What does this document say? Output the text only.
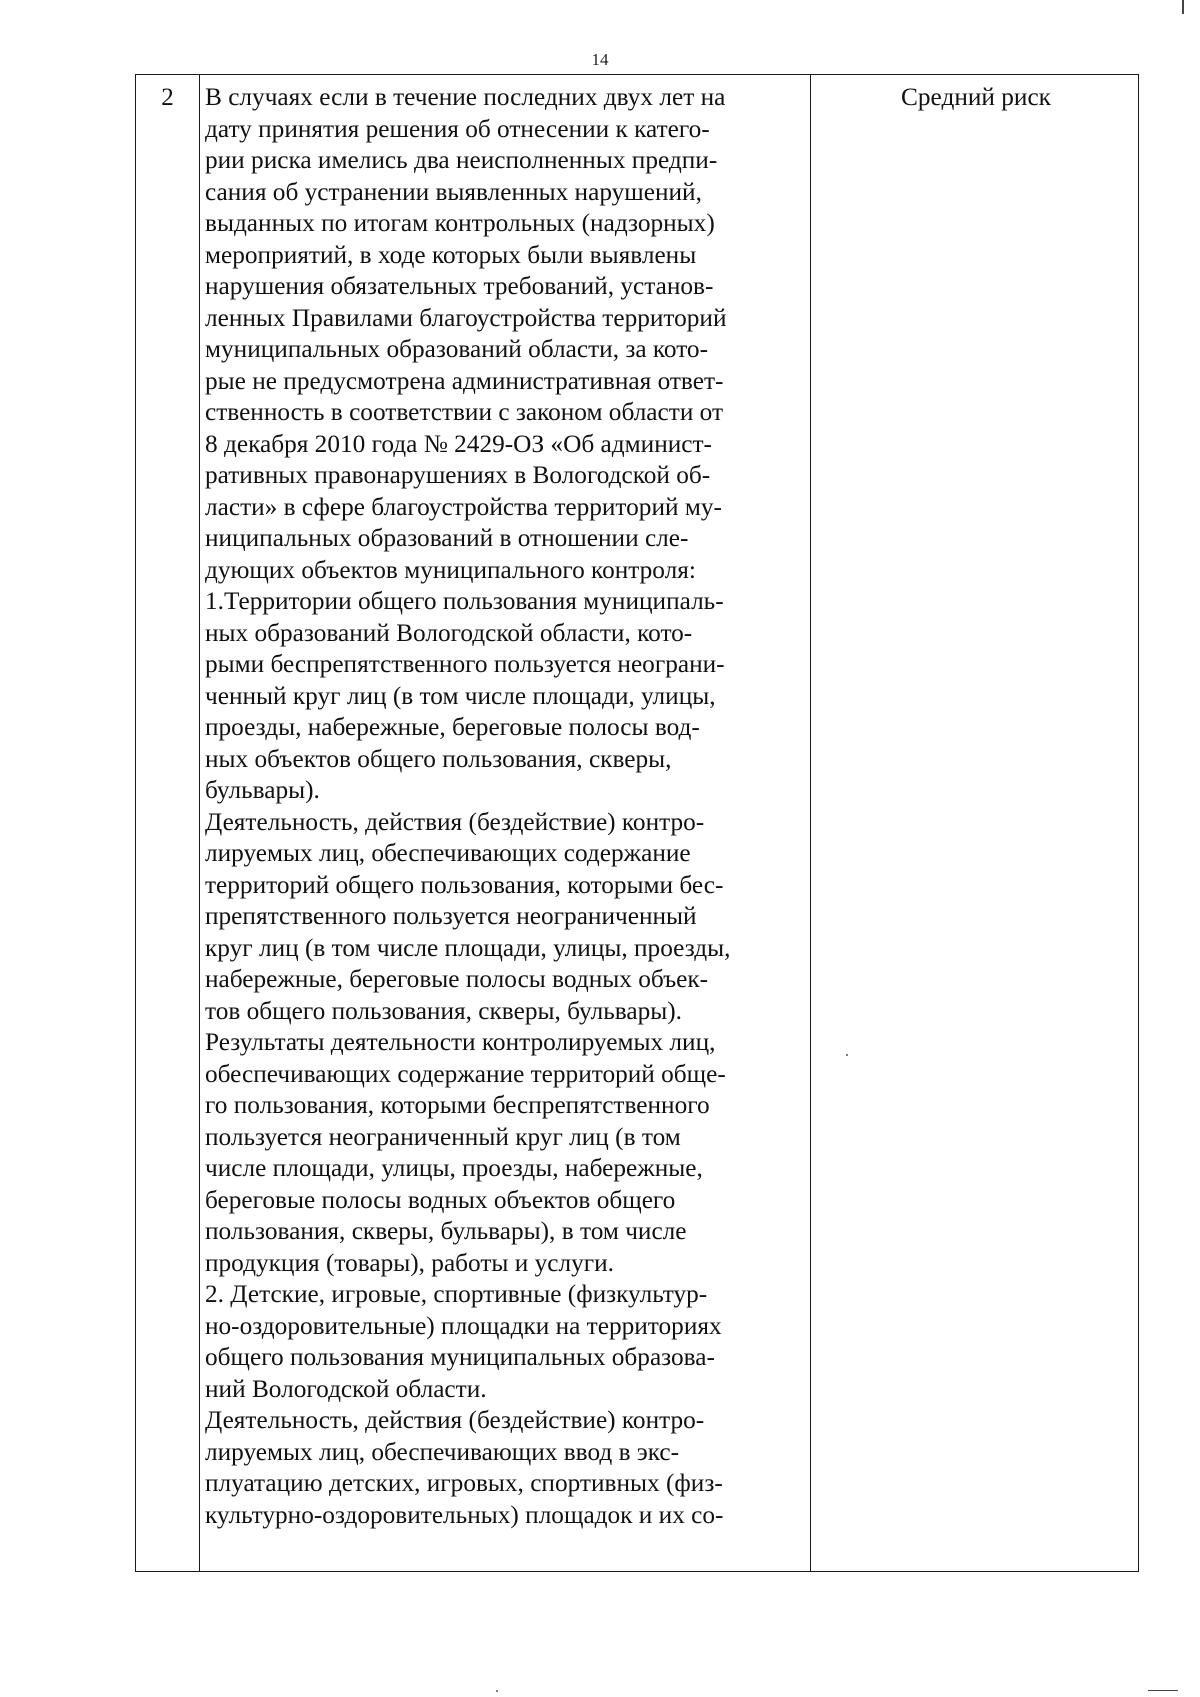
14
2	В случаях если в течение последних двух лет на
дату принятия решения об отнесении к катего-
рии риска имелись два неисполненных предпи-
сания об устранении выявленных нарушений,
выданных по итогам контрольных (надзорных)
мероприятий, в ходе которых были выявлены
нарушения обязательных требований, установ-
ленных Правилами благоустройства территорий
муниципальных образований области, за кото-
рые не предусмотрена административная ответ-
ственность в соответствии с законом области от
8 декабря 2010 года № 2429-ОЗ «Об админист-
ративных правонарушениях в Вологодской об-
ласти» в сфере благоустройства территорий му-
ниципальных образований в отношении сле-
дующих объектов муниципального контроля:
1.Территории общего пользования муниципаль-
ных образований Вологодской области, кото-
рыми беспрепятственного пользуется неограни-
ченный круг лиц (в том числе площади, улицы,
проезды, набережные, береговые полосы вод-
ных объектов общего пользования, скверы,
бульвары).
Деятельность, действия (бездействие) контро-
лируемых лиц, обеспечивающих содержание
территорий общего пользования, которыми бес-
препятственного пользуется неограниченный
круг лиц (в том числе площади, улицы, проезды,
набережные, береговые полосы водных объек-
тов общего пользования, скверы, бульвары).
Результаты деятельности контролируемых лиц,
обеспечивающих содержание территорий обще-
го пользования, которыми беспрепятственного
пользуется неограниченный круг лиц (в том
числе площади, улицы, проезды, набережные,
береговые полосы водных объектов общего
пользования, скверы, бульвары), в том числе
продукция (товары), работы и услуги.
2. Детские, игровые, спортивные (физкультур-
но-оздоровительные) площадки на территориях
общего пользования муниципальных образова-
ний Вологодской области.
Деятельность, действия (бездействие) контро-
лируемых лиц, обеспечивающих ввод в экс-
плуатацию детских, игровых, спортивных (физ-
культурно-оздоровительных) площадок и их со-
Средний риск
